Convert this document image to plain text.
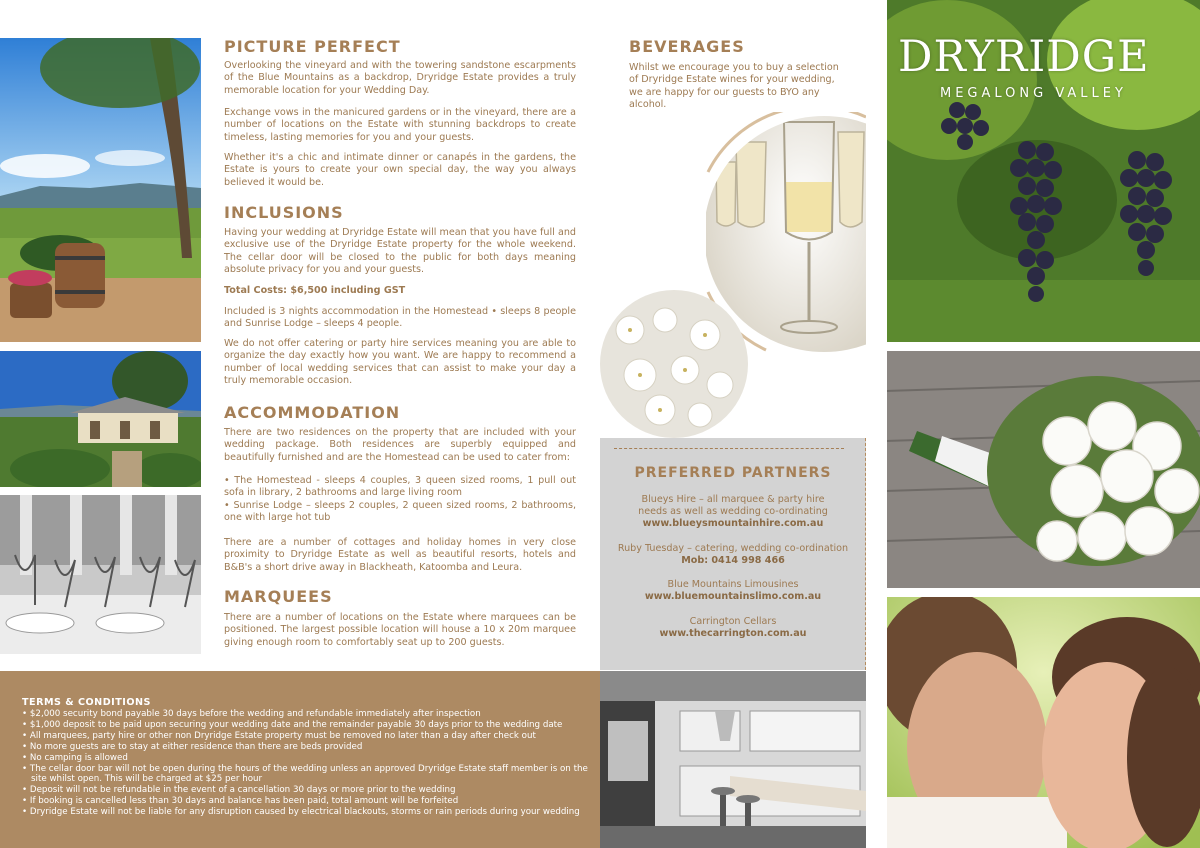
PICTURE PERFECT
Overlooking the vineyard and with the towering sandstone escarpments of the Blue Mountains as a backdrop, Dryridge Estate provides a truly memorable location for your Wedding Day.
Exchange vows in the manicured gardens or in the vineyard, there are a number of locations on the Estate with stunning backdrops to create timeless, lasting memories for you and your guests.
Whether it's a chic and intimate dinner or canapés in the gardens, the Estate is yours to create your own special day, the way you always believed it would be.
INCLUSIONS
Having your wedding at Dryridge Estate will mean that you have full and exclusive use of the Dryridge Estate property for the whole weekend. The cellar door will be closed to the public for both days meaning absolute privacy for you and your guests.
Total Costs: $6,500 including GST
Included is 3 nights accommodation in the Homestead • sleeps 8 people and Sunrise Lodge – sleeps 4 people.
We do not offer catering or party hire services meaning you are able to organize the day exactly how you want. We are happy to recommend a number of local wedding services that can assist to make your day a truly memorable occasion.
ACCOMMODATION
There are two residences on the property that are included with your wedding package. Both residences are superbly equipped and beautifully furnished and are the Homestead can be used to cater from:
• The Homestead - sleeps 4 couples, 3 queen sized rooms, 1 pull out sofa in library, 2 bathrooms and large living room
• Sunrise Lodge – sleeps 2 couples, 2 queen sized rooms, 2 bathrooms, one with large hot tub
There are a number of cottages and holiday homes in very close proximity to Dryridge Estate as well as beautiful resorts, hotels and B&B's a short drive away in Blackheath, Katoomba and Leura.
MARQUEES
There are a number of locations on the Estate where marquees can be positioned. The largest possible location will house a 10 x 20m marquee giving enough room to comfortably seat up to 200 guests.
TERMS & CONDITIONS
• $2,000 security bond payable 30 days before the wedding and refundable immediately after inspection
• $1,000 deposit to be paid upon securing your wedding date and the remainder payable 30 days prior to the wedding date
• All marquees, party hire or other non Dryridge Estate property must be removed no later than a day after check out
• No more guests are to stay at either residence than there are beds provided
• No camping is allowed
• The cellar door bar will not be open during the hours of the wedding unless an approved Dryridge Estate staff member is on the site whilst open. This will be charged at $25 per hour
• Deposit will not be refundable in the event of a cancellation 30 days or more prior to the wedding
• If booking is cancelled less than 30 days and balance has been paid, total amount will be forfeited
• Dryridge Estate will not be liable for any disruption caused by electrical blackouts, storms or rain periods during your wedding
BEVERAGES
Whilst we encourage you to buy a selection of Dryridge Estate wines for your wedding, we are happy for our guests to BYO any alcohol.
PREFERRED PARTNERS
Blueys Hire – all marquee & party hire
needs as well as wedding co-ordinating
www.blueysmountainhire.com.au
Ruby Tuesday – catering, wedding co-ordination
Mob: 0414 998 466
Blue Mountains Limousines
www.bluemountainslimo.com.au
Carrington Cellars
www.thecarrington.com.au
DRYRIDGE
MEGALONG VALLEY
